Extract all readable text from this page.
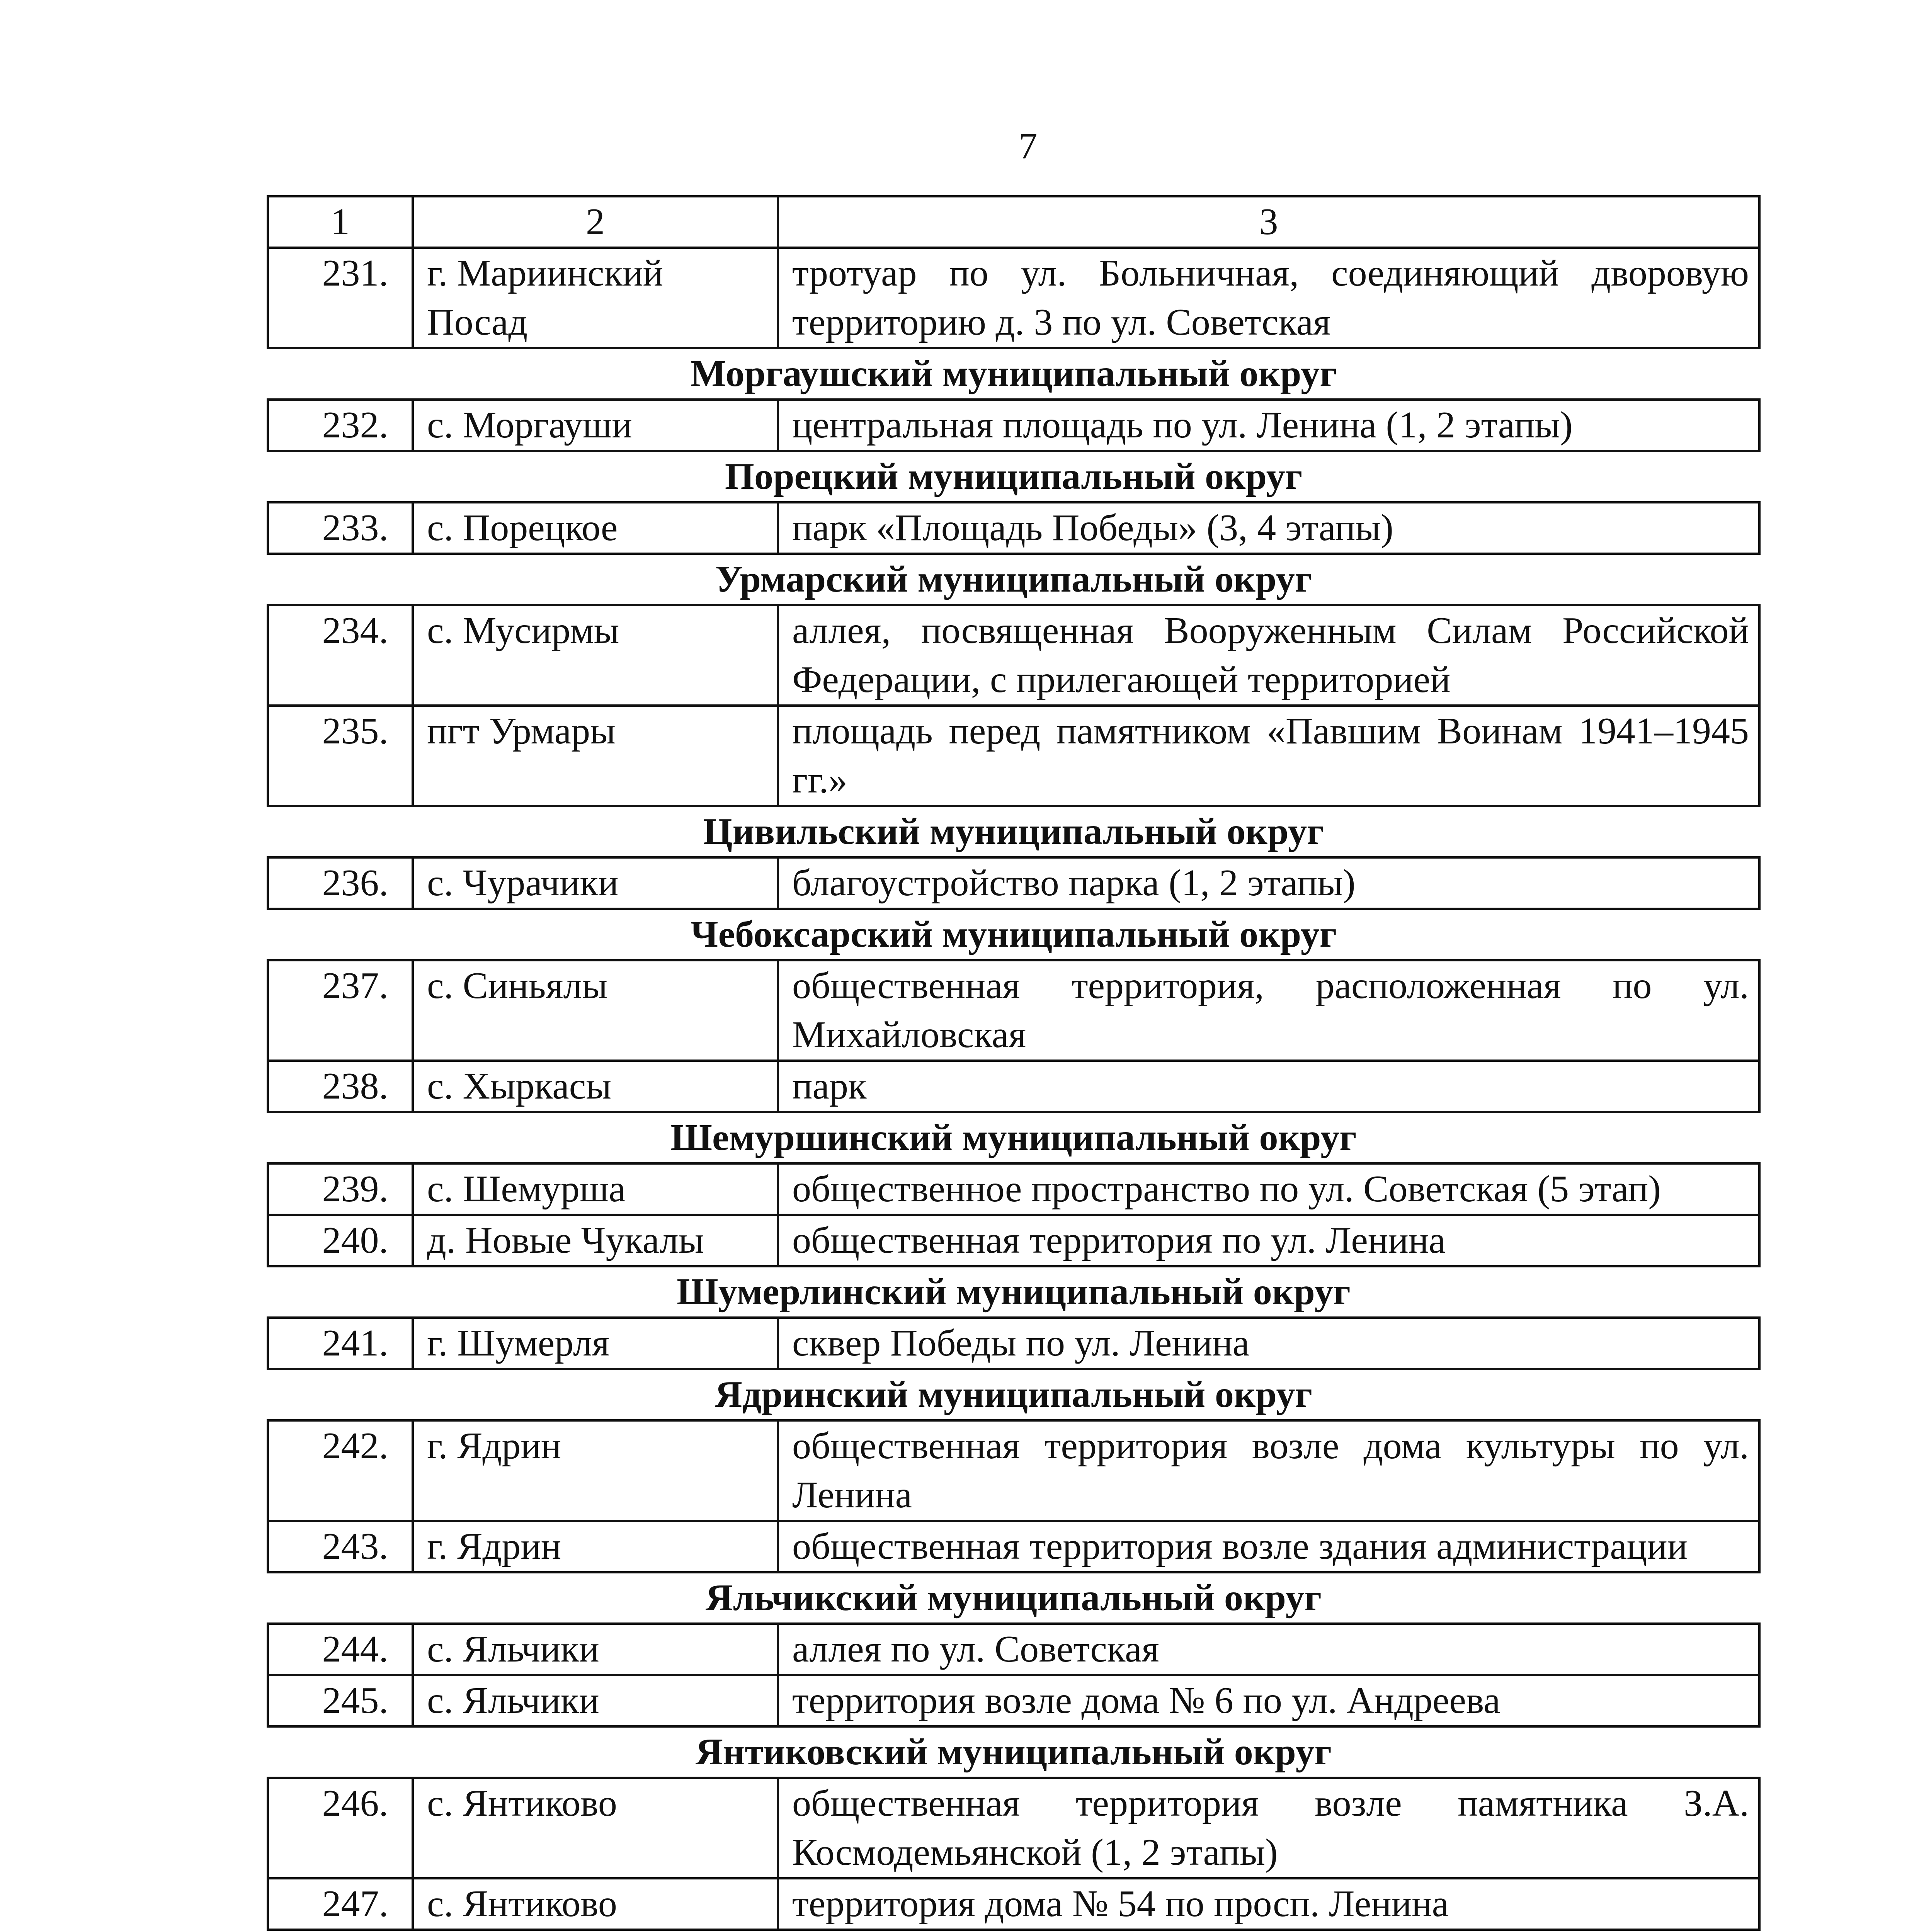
7
1	2	3
231.	г. Мариинский Посад	тротуар по ул. Больничная, соединяющий дворовую территорию д. 3 по ул. Советская
Моргаушский муниципальный округ		
232.	с. Моргауши	центральная площадь по ул. Ленина (1, 2 этапы)
Порецкий муниципальный округ		
233.	с. Порецкое	парк «Площадь Победы» (3, 4 этапы)
Урмарский муниципальный округ		
234.	с. Мусирмы	аллея, посвященная Вооруженным Силам Российской Федерации, с прилегающей территорией
235.	пгт Урмары	площадь перед памятником «Павшим Воинам 1941–1945 гг.»
Цивильский муниципальный округ		
236.	с. Чурачики	благоустройство парка (1, 2 этапы)
Чебоксарский муниципальный округ		
237.	с. Синьялы	общественная территория, расположенная по ул. Михайловская
238.	с. Хыркасы	парк
Шемуршинский муниципальный округ		
239.	с. Шемурша	общественное пространство по ул. Советская (5 этап)
240.	д. Новые Чукалы	общественная территория по ул. Ленина
Шумерлинский муниципальный округ		
241.	г. Шумерля	сквер Победы по ул. Ленина
Ядринский муниципальный округ		
242.	г. Ядрин	общественная территория возле дома культуры по ул. Ленина
243.	г. Ядрин	общественная территория возле здания администрации
Яльчикский муниципальный округ		
244.	с. Яльчики	аллея по ул. Советская
245.	с. Яльчики	территория возле дома № 6 по ул. Андреева
Янтиковский муниципальный округ		
246.	с. Янтиково	общественная территория возле памятника З.А. Космодемьянской (1, 2 этапы)
247.	с. Янтиково	территория дома № 54 по просп. Ленина
